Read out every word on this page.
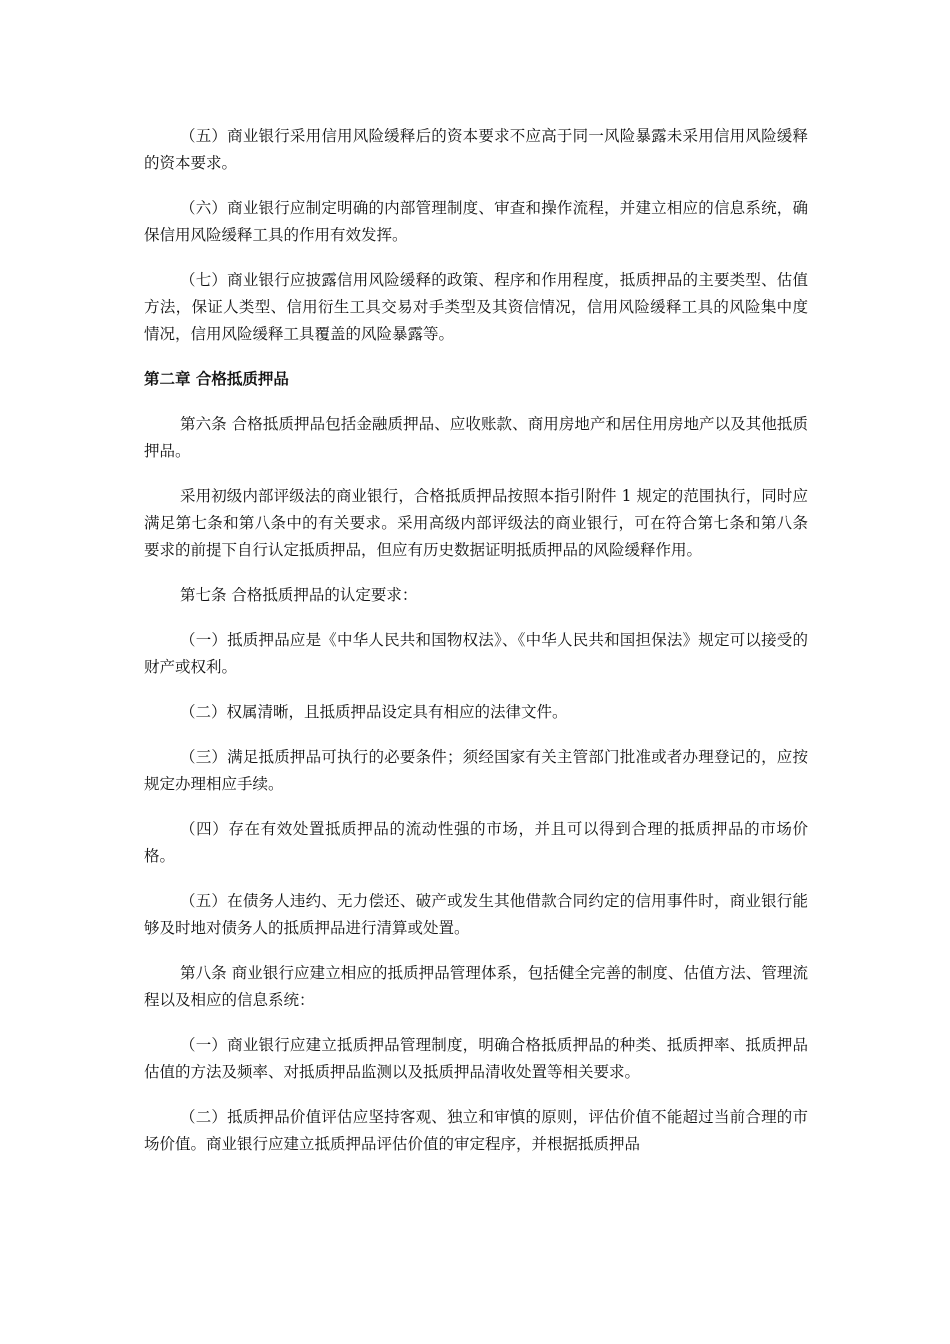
（五）商业银行采用信用风险缓释后的资本要求不应高于同一风险暴露未采用信用风险缓释的资本要求。

（六）商业银行应制定明确的内部管理制度、审查和操作流程，并建立相应的信息系统，确保信用风险缓释工具的作用有效发挥。

（七）商业银行应披露信用风险缓释的政策、程序和作用程度，抵质押品的主要类型、估值方法，保证人类型、信用衍生工具交易对手类型及其资信情况，信用风险缓释工具的风险集中度情况，信用风险缓释工具覆盖的风险暴露等。

第二章 合格抵质押品

第六条 合格抵质押品包括金融质押品、应收账款、商用房地产和居住用房地产以及其他抵质押品。

采用初级内部评级法的商业银行，合格抵质押品按照本指引附件 1 规定的范围执行，同时应满足第七条和第八条中的有关要求。采用高级内部评级法的商业银行，可在符合第七条和第八条要求的前提下自行认定抵质押品，但应有历史数据证明抵质押品的风险缓释作用。

第七条 合格抵质押品的认定要求：

（一）抵质押品应是《中华人民共和国物权法》、《中华人民共和国担保法》规定可以接受的财产或权利。

（二）权属清晰，且抵质押品设定具有相应的法律文件。

（三）满足抵质押品可执行的必要条件；须经国家有关主管部门批准或者办理登记的，应按规定办理相应手续。

（四）存在有效处置抵质押品的流动性强的市场，并且可以得到合理的抵质押品的市场价格。

（五）在债务人违约、无力偿还、破产或发生其他借款合同约定的信用事件时，商业银行能够及时地对债务人的抵质押品进行清算或处置。

第八条 商业银行应建立相应的抵质押品管理体系，包括健全完善的制度、估值方法、管理流程以及相应的信息系统：

（一）商业银行应建立抵质押品管理制度，明确合格抵质押品的种类、抵质押率、抵质押品估值的方法及频率、对抵质押品监测以及抵质押品清收处置等相关要求。

（二）抵质押品价值评估应坚持客观、独立和审慎的原则，评估价值不能超过当前合理的市场价值。商业银行应建立抵质押品评估价值的审定程序，并根据抵质押品
